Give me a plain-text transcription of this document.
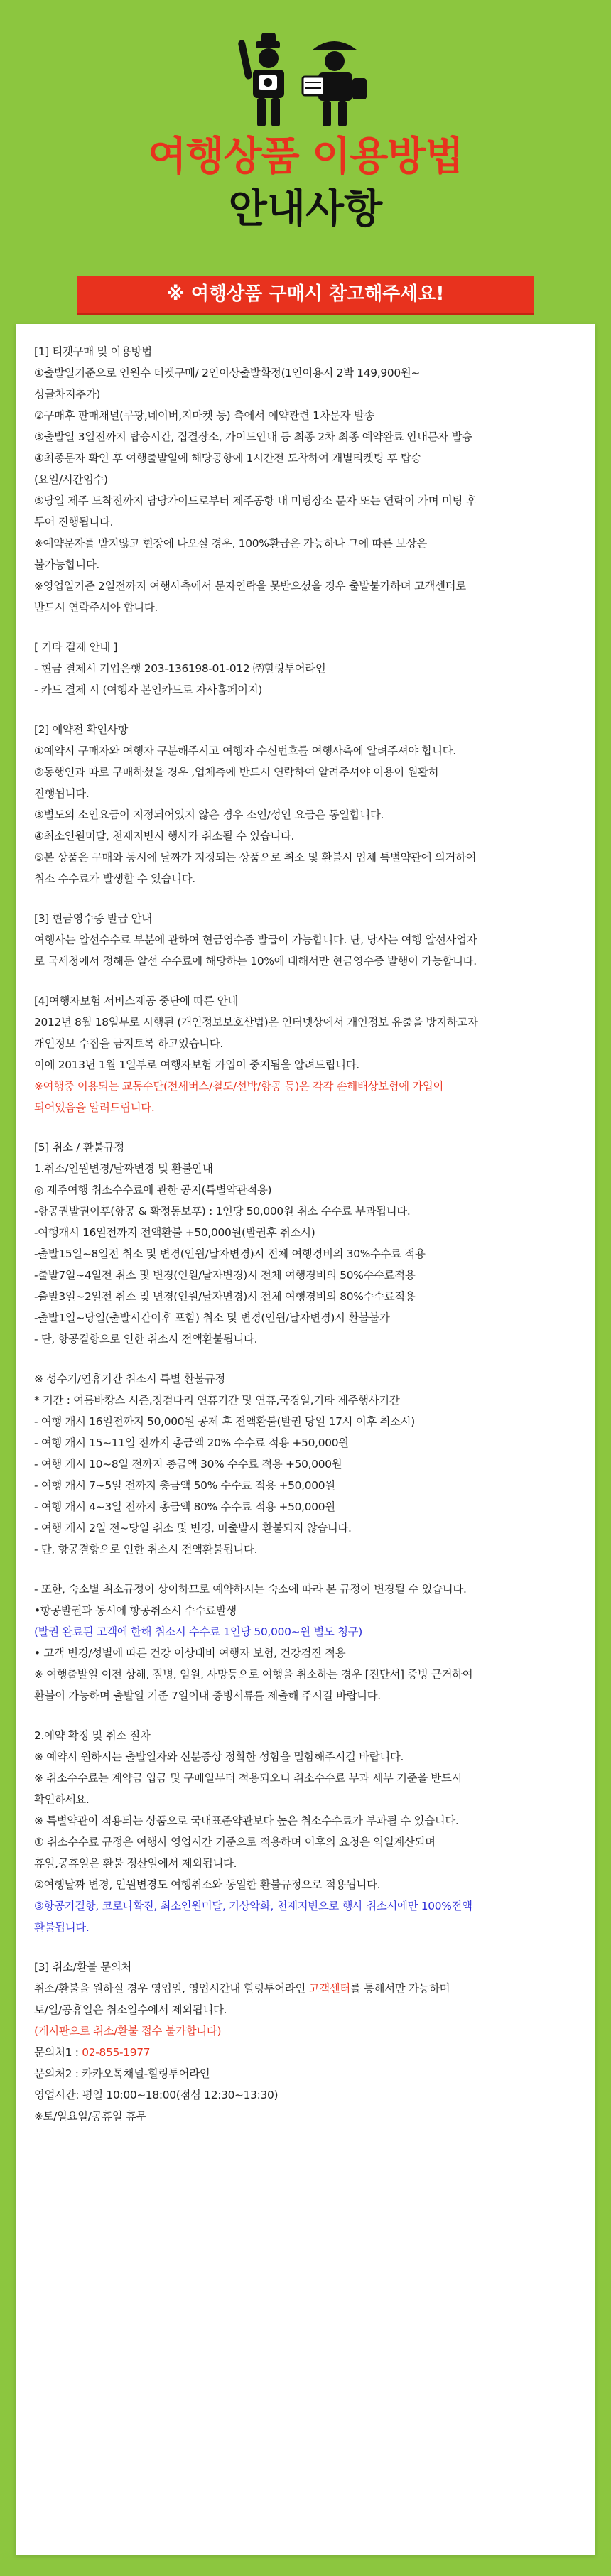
여행상품 이용방법
안내사항
※ 여행상품 구매시 참고해주세요!
[1] 티켓구매 및 이용방법
①출발일기준으로 인원수 티켓구매/ 2인이상출발확정(1인이용시 2박 149,900원~
싱글차지추가)
②구매후 판매채널(쿠팡,네이버,지마켓 등) 측에서 예약관련 1차문자 발송
③출발일 3일전까지 탑승시간, 집결장소, 가이드안내 등 최종 2차 최종 예약완료 안내문자 발송
④최종문자 확인 후 여행출발일에 해당공항에 1시간전 도착하여 개별티켓팅 후 탑승
(요일/시간엄수)
⑤당일 제주 도착전까지 담당가이드로부터 제주공항 내 미팅장소 문자 또는 연락이 가며 미팅 후
투어 진행됩니다.
※예약문자를 받지않고 현장에 나오실 경우, 100%환급은 가능하나 그에 따른 보상은
불가능합니다.
※영업일기준 2일전까지 여행사측에서 문자연락을 못받으셨을 경우 출발불가하며 고객센터로
반드시 연락주셔야 합니다.
[ 기타 결제 안내 ]
- 현금 결제시 기업은행 203-136198-01-012 ㈜힐링투어라인
- 카드 결제 시 (여행자 본인카드로 자사홈페이지)
[2] 예약전 확인사항
①예약시 구매자와 여행자 구분해주시고 여행자 수신번호를 여행사측에 알려주셔야 합니다.
②동행인과 따로 구매하셨을 경우 ,업체측에 반드시 연락하여 알려주셔야 이용이 원활히
진행됩니다.
③별도의 소인요금이 지정되어있지 않은 경우 소인/성인 요금은 동일합니다.
④최소인원미달, 천재지변시 행사가 취소될 수 있습니다.
⑤본 상품은 구매와 동시에 날짜가 지정되는 상품으로 취소 및 환불시 업체 특별약관에 의거하여
취소 수수료가 발생할 수 있습니다.
[3] 현금영수증 발급 안내
여행사는 알선수수료 부분에 관하여 현금영수증 발급이 가능합니다. 단, 당사는 여행 알선사업자
로 국세청에서 정해둔 알선 수수료에 해당하는 10%에 대해서만 현금영수증 발행이 가능합니다.
[4]여행자보험 서비스제공 중단에 따른 안내
2012년 8월 18일부로 시행된 (개인정보보호산법)은 인터넷상에서 개인정보 유출을 방지하고자
개인정보 수집을 금지토록 하고있습니다.
이에 2013년 1월 1일부로 여행자보험 가입이 중지됨을 알려드립니다.
※여행중 이용되는 교통수단(전세버스/철도/선박/항공 등)은 각각 손해배상보험에 가입이
되어있음을 알려드립니다.
[5] 취소 / 환불규정
1.취소/인원변경/날짜변경 및 환불안내
◎ 제주여행 취소수수료에 관한 공지(특별약관적용)
-항공권발권이후(항공 & 확정통보후) : 1인당 50,000원 취소 수수료 부과됩니다.
-여행개시 16일전까지 전액환불 +50,000원(발권후 취소시)
-출발15일~8일전 취소 및 변경(인원/날자변경)시 전체 여행경비의 30%수수료 적용
-출발7일~4일전 취소 및 변경(인원/날자변경)시 전체 여행경비의 50%수수료적용
-출발3일~2일전 취소 및 변경(인원/날자변경)시 전체 여행경비의 80%수수료적용
-출발1일~당일(출발시간이후 포함) 취소 및 변경(인원/날자변경)시 환불불가
- 단, 항공결항으로 인한 취소시 전액환불됩니다.
※ 성수기/연휴기간 취소시 특별 환불규정
* 기간 : 여름바캉스 시즌,징검다리 연휴기간 및 연휴,국경일,기타 제주행사기간
- 여행 개시 16일전까지 50,000원 공제 후 전액환불(발권 당일 17시 이후 취소시)
- 여행 개시 15~11일 전까지 총금액 20% 수수료 적용 +50,000원
- 여행 개시 10~8일 전까지 총금액 30% 수수료 적용 +50,000원
- 여행 개시 7~5일 전까지 총금액 50% 수수료 적용 +50,000원
- 여행 개시 4~3일 전까지 총금액 80% 수수료 적용 +50,000원
- 여행 개시 2일 전~당일 취소 및 변경, 미출발시 환불되지 않습니다.
- 단, 항공결항으로 인한 취소시 전액환불됩니다.
- 또한, 숙소별 취소규정이 상이하므로 예약하시는 숙소에 따라 본 규정이 변경될 수 있습니다.
•항공발권과 동시에 항공취소시 수수료발생
(발권 완료된 고객에 한해 취소시 수수료 1인당 50,000~원 별도 청구)
• 고객 변경/성별에 따른 건강 이상대비 여행자 보험, 건강검진 적용
※ 여행출발일 이전 상해, 질병, 임원, 사망등으로 여행을 취소하는 경우 [진단서] 증빙 근거하여
환불이 가능하며 출발일 기준 7일이내 증빙서류를 제출해 주시길 바랍니다.
2.예약 확정 및 취소 절차
※ 예약시 원하시는 출발일자와 신분증상 정확한 성함을 밀함해주시길 바랍니다.
※ 취소수수료는 계약금 입금 및 구매일부터 적용되오니 취소수수료 부과 세부 기준을 반드시
확인하세요.
※ 특별약관이 적용되는 상품으로 국내표준약관보다 높은 취소수수료가 부과될 수 있습니다.
① 취소수수료 규정은 여행사 영업시간 기준으로 적용하며 이후의 요청은 익일계산되며
휴일,공휴일은 환불 정산일에서 제외됩니다.
②여행날짜 변경, 인원변경도 여행취소와 동일한 환불규정으로 적용됩니다.
③항공기결항, 코로나확진, 최소인원미달, 기상악화, 천재지변으로 행사 취소시에만 100%전액
환불됩니다.
[3] 취소/환불 문의처
취소/환불을 원하실 경우 영업일, 영업시간내 힐링투어라인 고객센터를 통해서만 가능하며
토/일/공휴일은 취소일수에서 제외됩니다.
(게시판으로 취소/환불 접수 불가합니다)
문의처1 : 02-855-1977
문의처2 : 카카오톡채널-힐링투어라인
영업시간: 평일 10:00~18:00(점심 12:30~13:30)
※토/일요일/공휴일 휴무
